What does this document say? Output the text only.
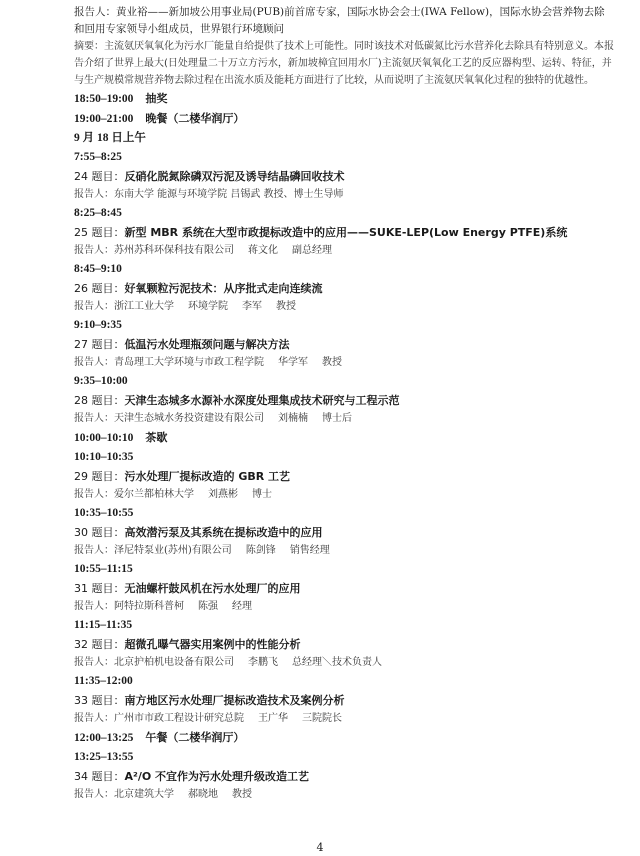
报告人：黄业裕——新加坡公用事业局(PUB)前首席专家，国际水协会会士(IWA Fellow)，国际水协会营养物去除和回用专家领导小组成员，世界银行环境顾问
摘要：主流氨厌氧氧化为污水厂能量自给提供了技术上可能性。同时该技术对低碳氮比污水营养化去除具有特别意义。本报告介绍了世界上最大(日处理量二十万立方污水，新加坡樟宜回用水厂)主流氨厌氧氧化工艺的反应器构型、运转、特征，并与生产规模常规营养物去除过程在出流水质及能耗方面进行了比较，从而说明了主流氨厌氧氧化过程的独特的优越性。
18:50–19:00 抽奖
19:00–21:00 晚餐（二楼华润厅）
9 月 18 日上午
7:55–8:25
24 题目：反硝化脱氮除磷双污泥及诱导结晶磷回收技术
报告人：东南大学 能源与环境学院 吕锡武 教授、博士生导师
8:25–8:45
25 题目：新型 MBR 系统在大型市政提标改造中的应用——SUKE-LEP(Low Energy PTFE)系统
报告人：苏州苏科环保科技有限公司 蒋文化 副总经理
8:45–9:10
26 题目：好氧颗粒污泥技术：从序批式走向连续流
报告人：浙江工业大学 环境学院 李军 教授
9:10–9:35
27 题目：低温污水处理瓶颈问题与解决方法
报告人：青岛理工大学环境与市政工程学院 华学军 教授
9:35–10:00
28 题目：天津生态城多水源补水深度处理集成技术研究与工程示范
报告人：天津生态城水务投资建设有限公司 刘楠楠 博士后
10:00–10:10 茶歇
10:10–10:35
29 题目：污水处理厂提标改造的 GBR 工艺
报告人：爱尔兰都柏林大学 刘燕彬 博士
10:35–10:55
30 题目：高效潜污泵及其系统在提标改造中的应用
报告人：泽尼特泵业(苏州)有限公司 陈剑锋 销售经理
10:55–11:15
31 题目：无油螺杆鼓风机在污水处理厂的应用
报告人：阿特拉斯科普柯 陈强 经理
11:15–11:35
32 题目：超微孔曝气器实用案例中的性能分析
报告人：北京护柏机电设备有限公司 李鹏飞 总经理＼技术负责人
11:35–12:00
33 题目：南方地区污水处理厂提标改造技术及案例分析
报告人：广州市市政工程设计研究总院 王广华 三院院长
12:00–13:25 午餐（二楼华润厅）
13:25–13:55
34 题目：A²/O 不宜作为污水处理升级改造工艺
报告人：北京建筑大学 郝晓地 教授
4
